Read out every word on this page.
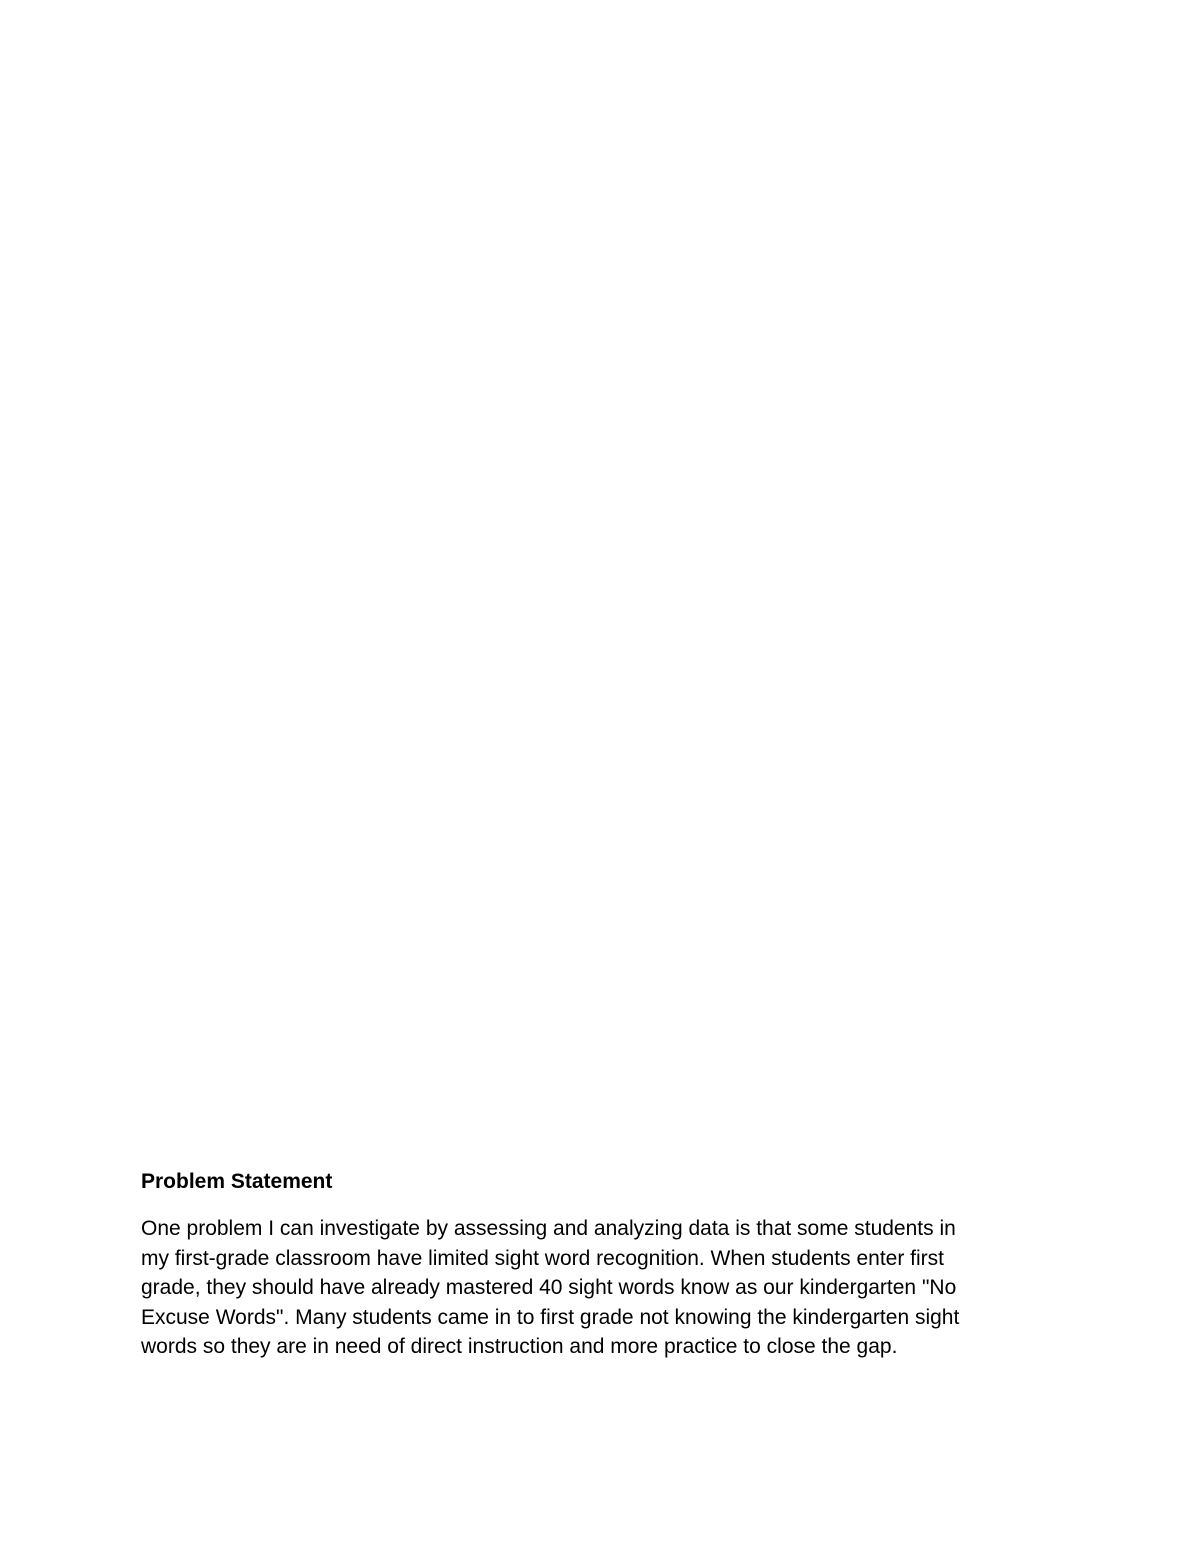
Problem Statement
One problem I can investigate by assessing and analyzing data is that some students in
my first-grade classroom have limited sight word recognition. When students enter first
grade, they should have already mastered 40 sight words know as our kindergarten "No
Excuse Words". Many students came in to first grade not knowing the kindergarten sight
words so they are in need of direct instruction and more practice to close the gap.
